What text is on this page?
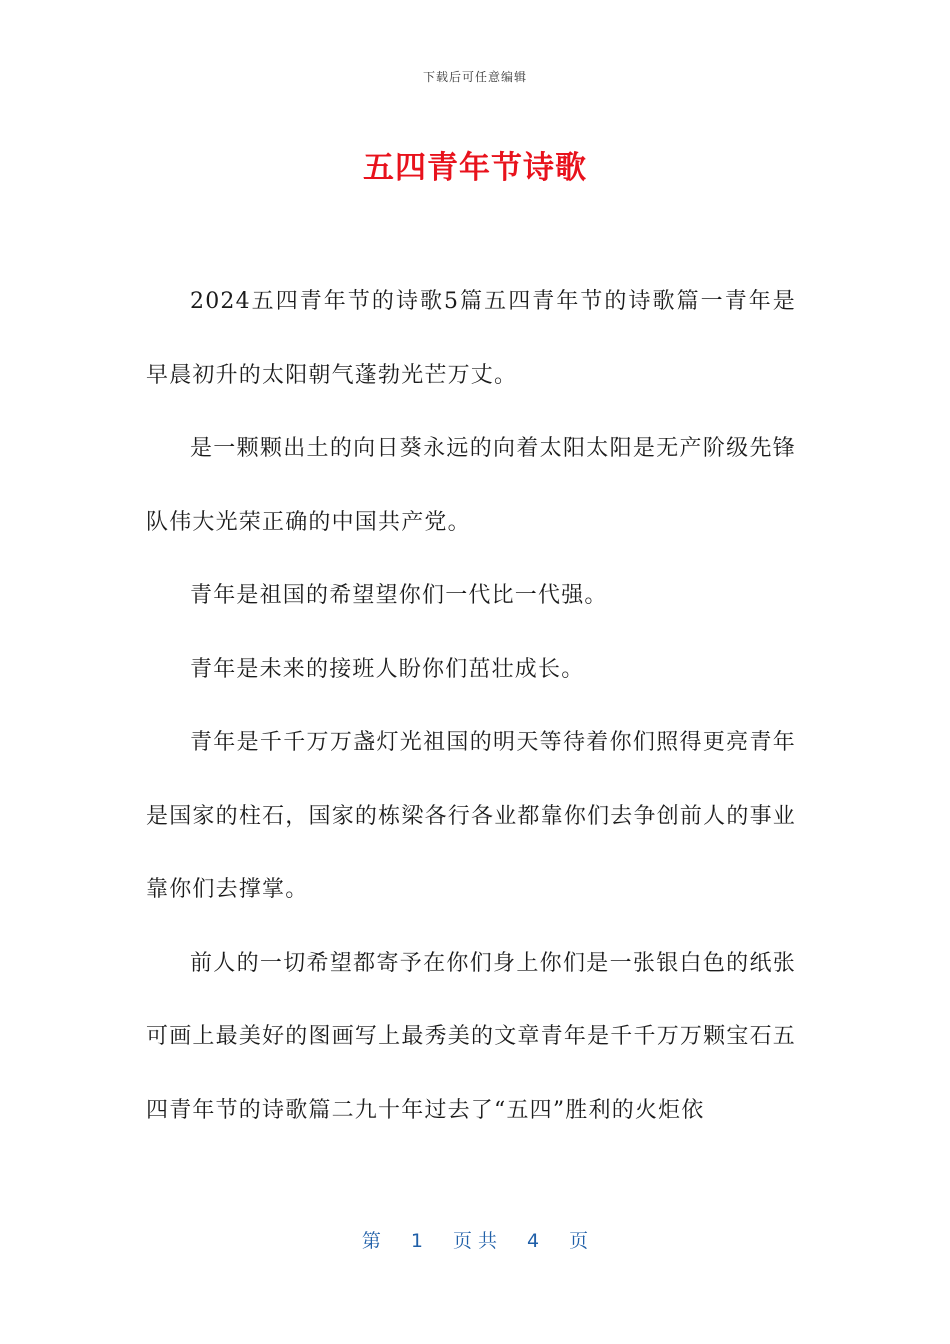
下载后可任意编辑
五四青年节诗歌

2024五四青年节的诗歌5篇五四青年节的诗歌篇一青年是早晨初升的太阳朝气蓬勃光芒万丈。

是一颗颗出土的向日葵永远的向着太阳太阳是无产阶级先锋队伟大光荣正确的中国共产党。

青年是祖国的希望望你们一代比一代强。

青年是未来的接班人盼你们茁壮成长。

青年是千千万万盏灯光祖国的明天等待着你们照得更亮青年是国家的柱石，国家的栋梁各行各业都靠你们去争创前人的事业靠你们去撑掌。

前人的一切希望都寄予在你们身上你们是一张银白色的纸张可画上最美好的图画写上最秀美的文章青年是千千万万颗宝石五四青年节的诗歌篇二九十年过去了“五四”胜利的火炬依

第 1 页 共 4 页
